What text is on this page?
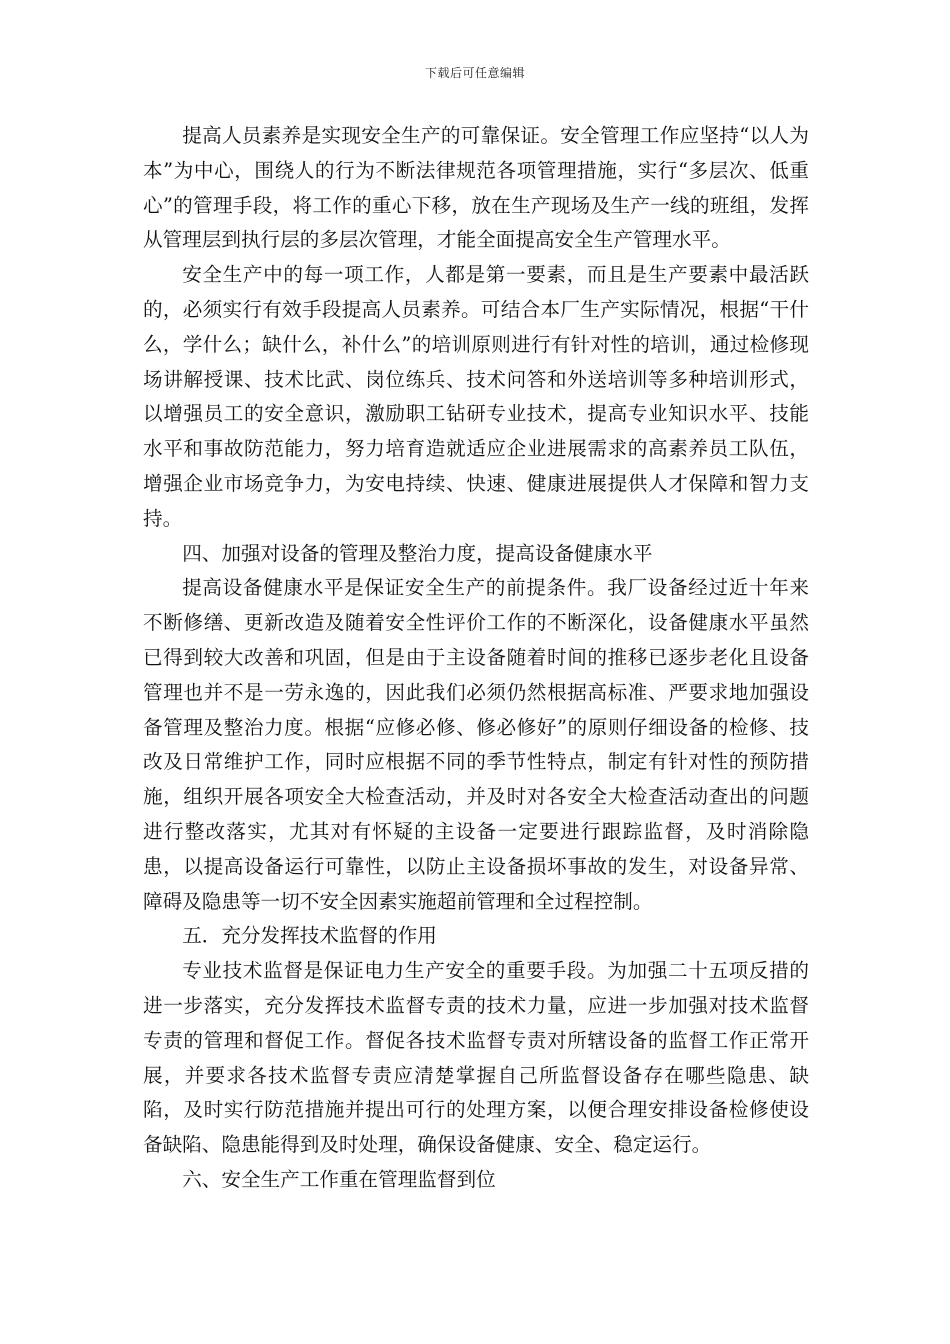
下载后可任意编辑

提高人员素养是实现安全生产的可靠保证。安全管理工作应坚持“以人为本”为中心，围绕人的行为不断法律规范各项管理措施，实行“多层次、低重心”的管理手段，将工作的重心下移，放在生产现场及生产一线的班组，发挥从管理层到执行层的多层次管理，才能全面提高安全生产管理水平。

安全生产中的每一项工作，人都是第一要素，而且是生产要素中最活跃的，必须实行有效手段提高人员素养。可结合本厂生产实际情况，根据“干什么，学什么；缺什么，补什么”的培训原则进行有针对性的培训，通过检修现场讲解授课、技术比武、岗位练兵、技术问答和外送培训等多种培训形式，以增强员工的安全意识，激励职工钻研专业技术，提高专业知识水平、技能水平和事故防范能力，努力培育造就适应企业进展需求的高素养员工队伍，增强企业市场竞争力，为安电持续、快速、健康进展提供人才保障和智力支持。

四、加强对设备的管理及整治力度，提高设备健康水平

提高设备健康水平是保证安全生产的前提条件。我厂设备经过近十年来不断修缮、更新改造及随着安全性评价工作的不断深化，设备健康水平虽然已得到较大改善和巩固，但是由于主设备随着时间的推移已逐步老化且设备管理也并不是一劳永逸的，因此我们必须仍然根据高标准、严要求地加强设备管理及整治力度。根据“应修必修、修必修好”的原则仔细设备的检修、技改及日常维护工作，同时应根据不同的季节性特点，制定有针对性的预防措施，组织开展各项安全大检查活动，并及时对各安全大检查活动查出的问题进行整改落实，尤其对有怀疑的主设备一定要进行跟踪监督，及时消除隐患，以提高设备运行可靠性，以防止主设备损坏事故的发生，对设备异常、障碍及隐患等一切不安全因素实施超前管理和全过程控制。

五．充分发挥技术监督的作用

专业技术监督是保证电力生产安全的重要手段。为加强二十五项反措的进一步落实，充分发挥技术监督专责的技术力量，应进一步加强对技术监督专责的管理和督促工作。督促各技术监督专责对所辖设备的监督工作正常开展，并要求各技术监督专责应清楚掌握自己所监督设备存在哪些隐患、缺陷，及时实行防范措施并提出可行的处理方案，以便合理安排设备检修使设备缺陷、隐患能得到及时处理，确保设备健康、安全、稳定运行。

六、安全生产工作重在管理监督到位
